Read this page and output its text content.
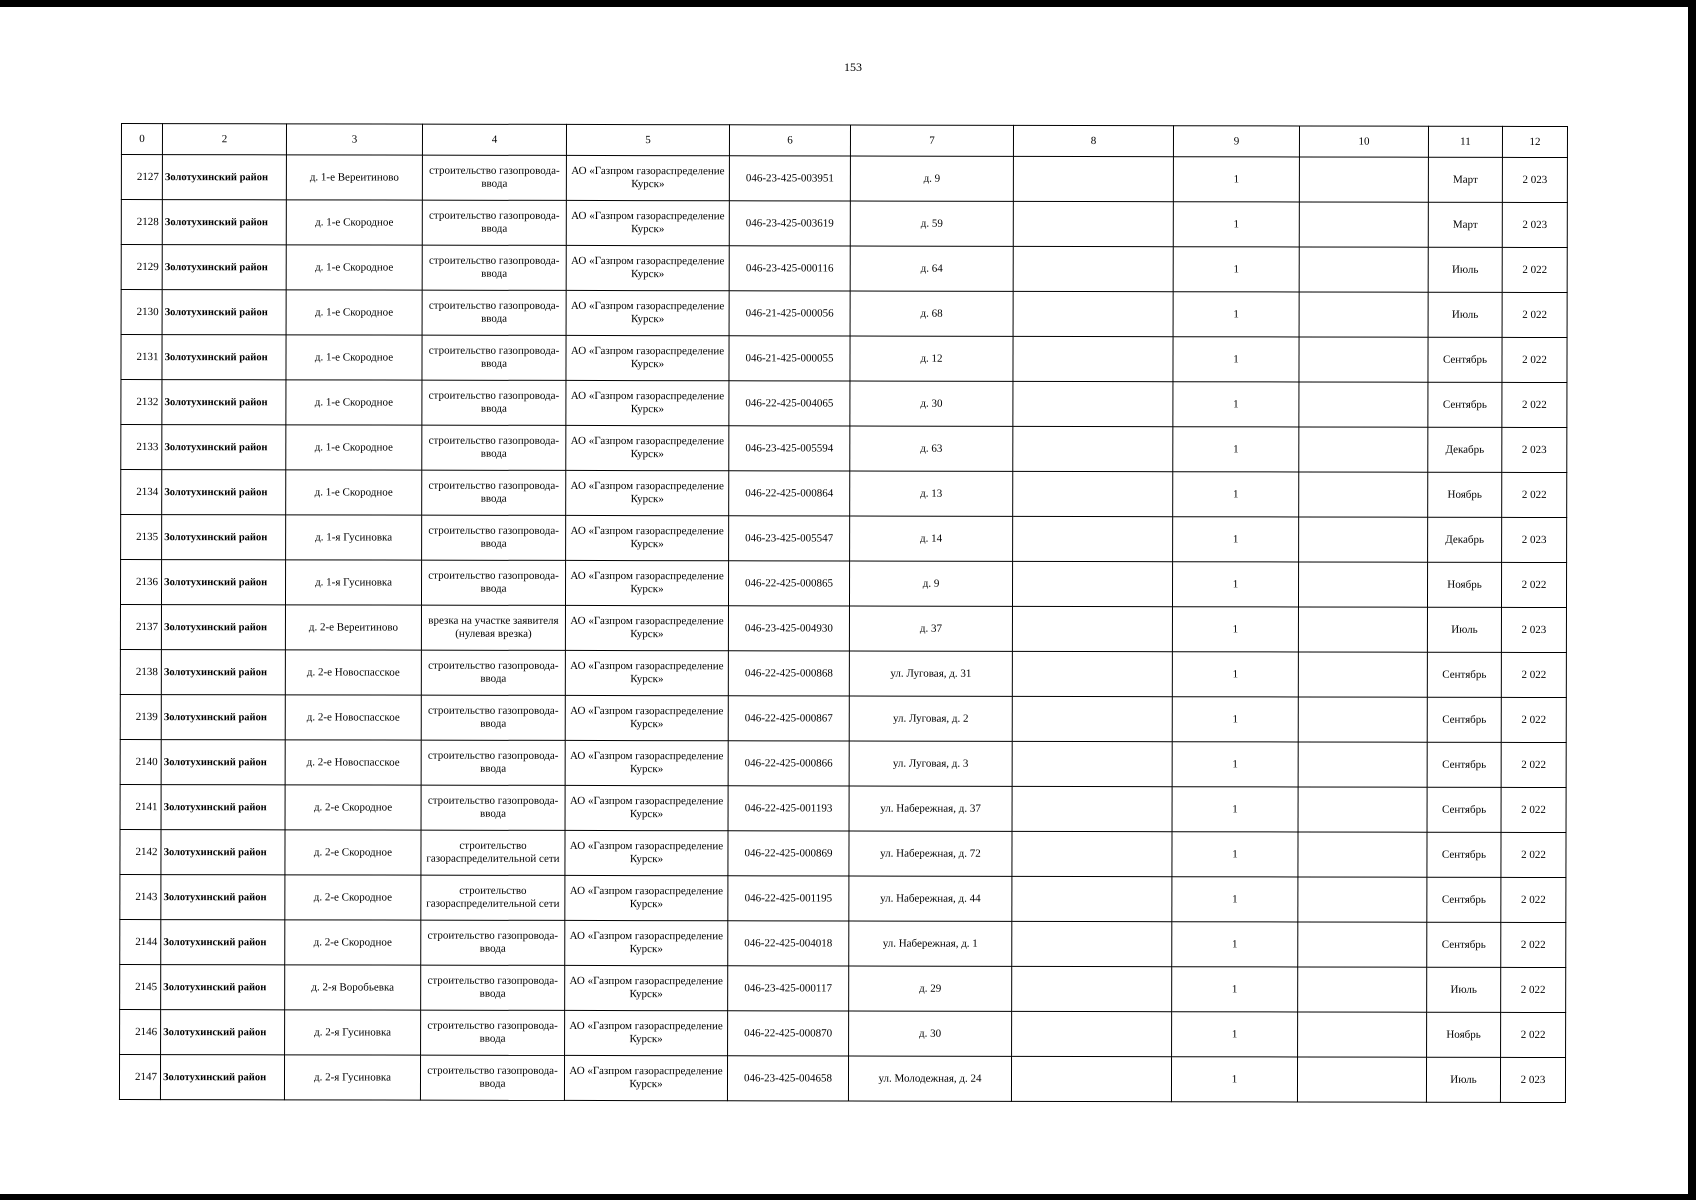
153
0	2	3	4	5	6	7	8	9	10	11	12
2127	Золотухинский район	д. 1-е Вереитиново	строительство газопровода-ввода	АО «Газпром газораспределение Курск»	046-23-425-003951	д. 9		1		Март	2 023
2128	Золотухинский район	д. 1-е Скородное	строительство газопровода-ввода	АО «Газпром газораспределение Курск»	046-23-425-003619	д. 59		1		Март	2 023
2129	Золотухинский район	д. 1-е Скородное	строительство газопровода-ввода	АО «Газпром газораспределение Курск»	046-23-425-000116	д. 64		1		Июль	2 022
2130	Золотухинский район	д. 1-е Скородное	строительство газопровода-ввода	АО «Газпром газораспределение Курск»	046-21-425-000056	д. 68		1		Июль	2 022
2131	Золотухинский район	д. 1-е Скородное	строительство газопровода-ввода	АО «Газпром газораспределение Курск»	046-21-425-000055	д. 12		1		Сентябрь	2 022
2132	Золотухинский район	д. 1-е Скородное	строительство газопровода-ввода	АО «Газпром газораспределение Курск»	046-22-425-004065	д. 30		1		Сентябрь	2 022
2133	Золотухинский район	д. 1-е Скородное	строительство газопровода-ввода	АО «Газпром газораспределение Курск»	046-23-425-005594	д. 63		1		Декабрь	2 023
2134	Золотухинский район	д. 1-е Скородное	строительство газопровода-ввода	АО «Газпром газораспределение Курск»	046-22-425-000864	д. 13		1		Ноябрь	2 022
2135	Золотухинский район	д. 1-я Гусиновка	строительство газопровода-ввода	АО «Газпром газораспределение Курск»	046-23-425-005547	д. 14		1		Декабрь	2 023
2136	Золотухинский район	д. 1-я Гусиновка	строительство газопровода-ввода	АО «Газпром газораспределение Курск»	046-22-425-000865	д. 9		1		Ноябрь	2 022
2137	Золотухинский район	д. 2-е Вереитиново	врезка на участке заявителя (нулевая врезка)	АО «Газпром газораспределение Курск»	046-23-425-004930	д. 37		1		Июль	2 023
2138	Золотухинский район	д. 2-е Новоспасское	строительство газопровода-ввода	АО «Газпром газораспределение Курск»	046-22-425-000868	ул. Луговая, д. 31		1		Сентябрь	2 022
2139	Золотухинский район	д. 2-е Новоспасское	строительство газопровода-ввода	АО «Газпром газораспределение Курск»	046-22-425-000867	ул. Луговая, д. 2		1		Сентябрь	2 022
2140	Золотухинский район	д. 2-е Новоспасское	строительство газопровода-ввода	АО «Газпром газораспределение Курск»	046-22-425-000866	ул. Луговая, д. 3		1		Сентябрь	2 022
2141	Золотухинский район	д. 2-е Скородное	строительство газопровода-ввода	АО «Газпром газораспределение Курск»	046-22-425-001193	ул. Набережная, д. 37		1		Сентябрь	2 022
2142	Золотухинский район	д. 2-е Скородное	строительство газораспределительной сети	АО «Газпром газораспределение Курск»	046-22-425-000869	ул. Набережная, д. 72		1		Сентябрь	2 022
2143	Золотухинский район	д. 2-е Скородное	строительство газораспределительной сети	АО «Газпром газораспределение Курск»	046-22-425-001195	ул. Набережная, д. 44		1		Сентябрь	2 022
2144	Золотухинский район	д. 2-е Скородное	строительство газопровода-ввода	АО «Газпром газораспределение Курск»	046-22-425-004018	ул. Набережная, д. 1		1		Сентябрь	2 022
2145	Золотухинский район	д. 2-я Воробьевка	строительство газопровода-ввода	АО «Газпром газораспределение Курск»	046-23-425-000117	д. 29		1		Июль	2 022
2146	Золотухинский район	д. 2-я Гусиновка	строительство газопровода-ввода	АО «Газпром газораспределение Курск»	046-22-425-000870	д. 30		1		Ноябрь	2 022
2147	Золотухинский район	д. 2-я Гусиновка	строительство газопровода-ввода	АО «Газпром газораспределение Курск»	046-23-425-004658	ул. Молодежная, д. 24		1		Июль	2 023
